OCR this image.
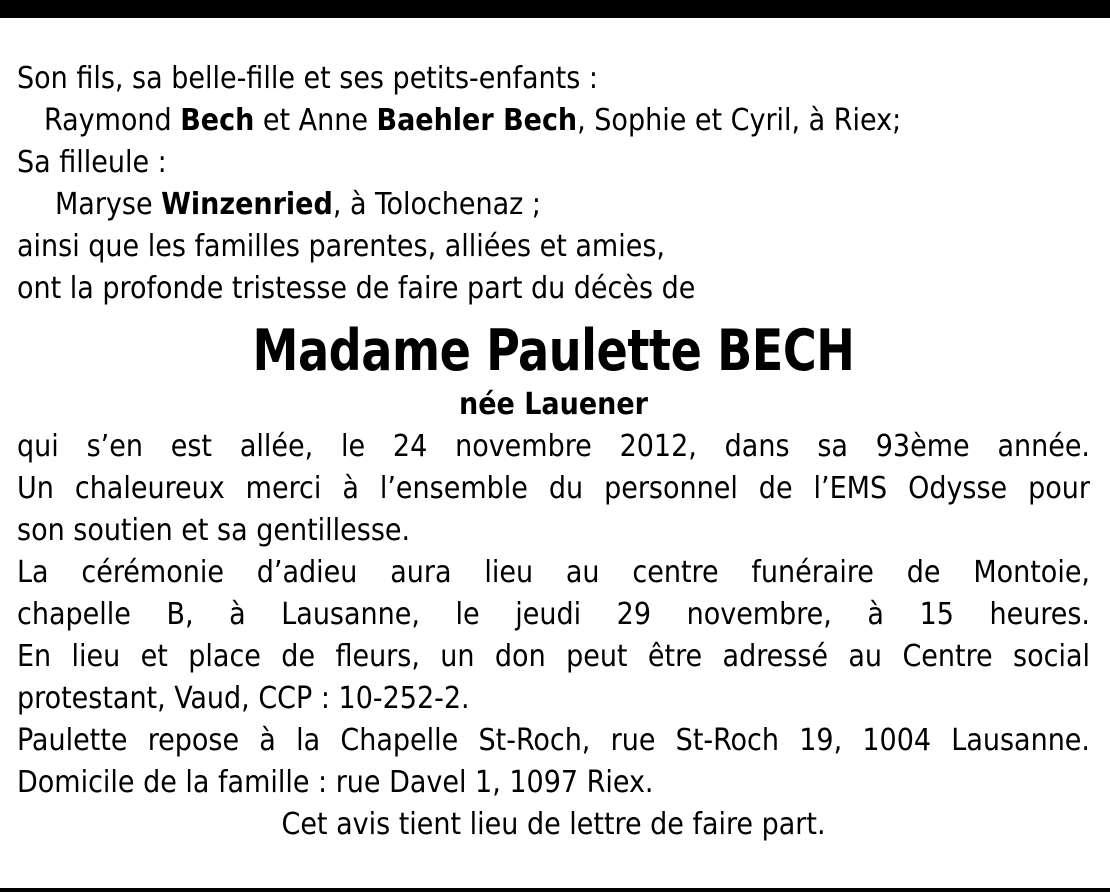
Son fils, sa belle-fille et ses petits-enfants :
Raymond Bech et Anne Baehler Bech, Sophie et Cyril, à Riex;
Sa filleule :
Maryse Winzenried, à Tolochenaz ;
ainsi que les familles parentes, alliées et amies,
ont la profonde tristesse de faire part du décès de
Madame Paulette BECH
née Lauener
qui s’en est allée, le 24 novembre 2012, dans sa 93ème année.
Un chaleureux merci à l’ensemble du personnel de l’EMS Odysse pour
son soutien et sa gentillesse.
La cérémonie d’adieu aura lieu au centre funéraire de Montoie,
chapelle B, à Lausanne, le jeudi 29 novembre, à 15 heures.
En lieu et place de fleurs, un don peut être adressé au Centre social
protestant, Vaud, CCP : 10-252-2.
Paulette repose à la Chapelle St-Roch, rue St-Roch 19, 1004 Lausanne.
Domicile de la famille : rue Davel 1, 1097 Riex.
Cet avis tient lieu de lettre de faire part.
